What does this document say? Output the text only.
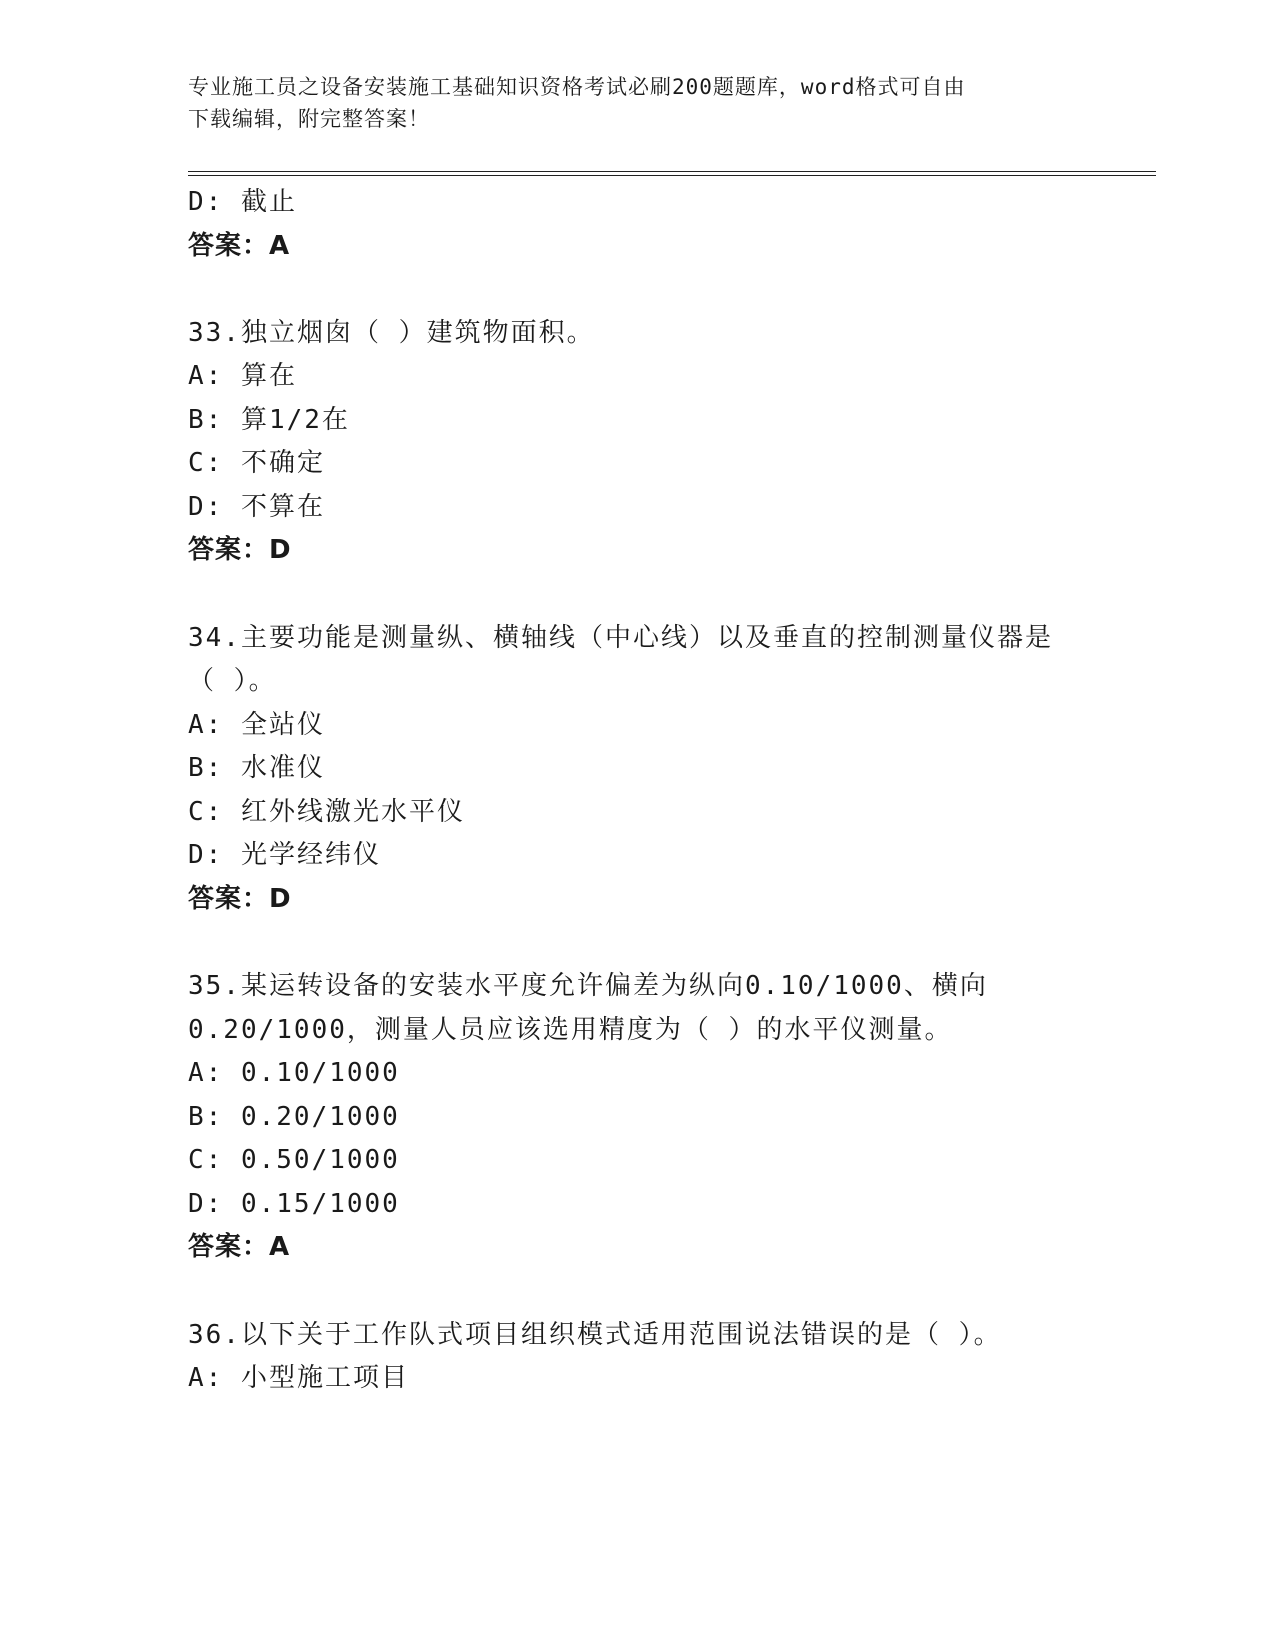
专业施工员之设备安装施工基础知识资格考试必刷200题题库，word格式可自由
下载编辑，附完整答案！
D: 截止
答案：A
33.独立烟囱（ ）建筑物面积。
A: 算在
B: 算1/2在
C: 不确定
D: 不算在
答案：D
34.主要功能是测量纵、横轴线（中心线）以及垂直的控制测量仪器是
（ ）。
A: 全站仪
B: 水准仪
C: 红外线激光水平仪
D: 光学经纬仪
答案：D
35.某运转设备的安装水平度允许偏差为纵向0.10/1000、横向
0.20/1000，测量人员应该选用精度为（ ）的水平仪测量。
A: 0.10/1000
B: 0.20/1000
C: 0.50/1000
D: 0.15/1000
答案：A
36.以下关于工作队式项目组织模式适用范围说法错误的是（ ）。
A: 小型施工项目
